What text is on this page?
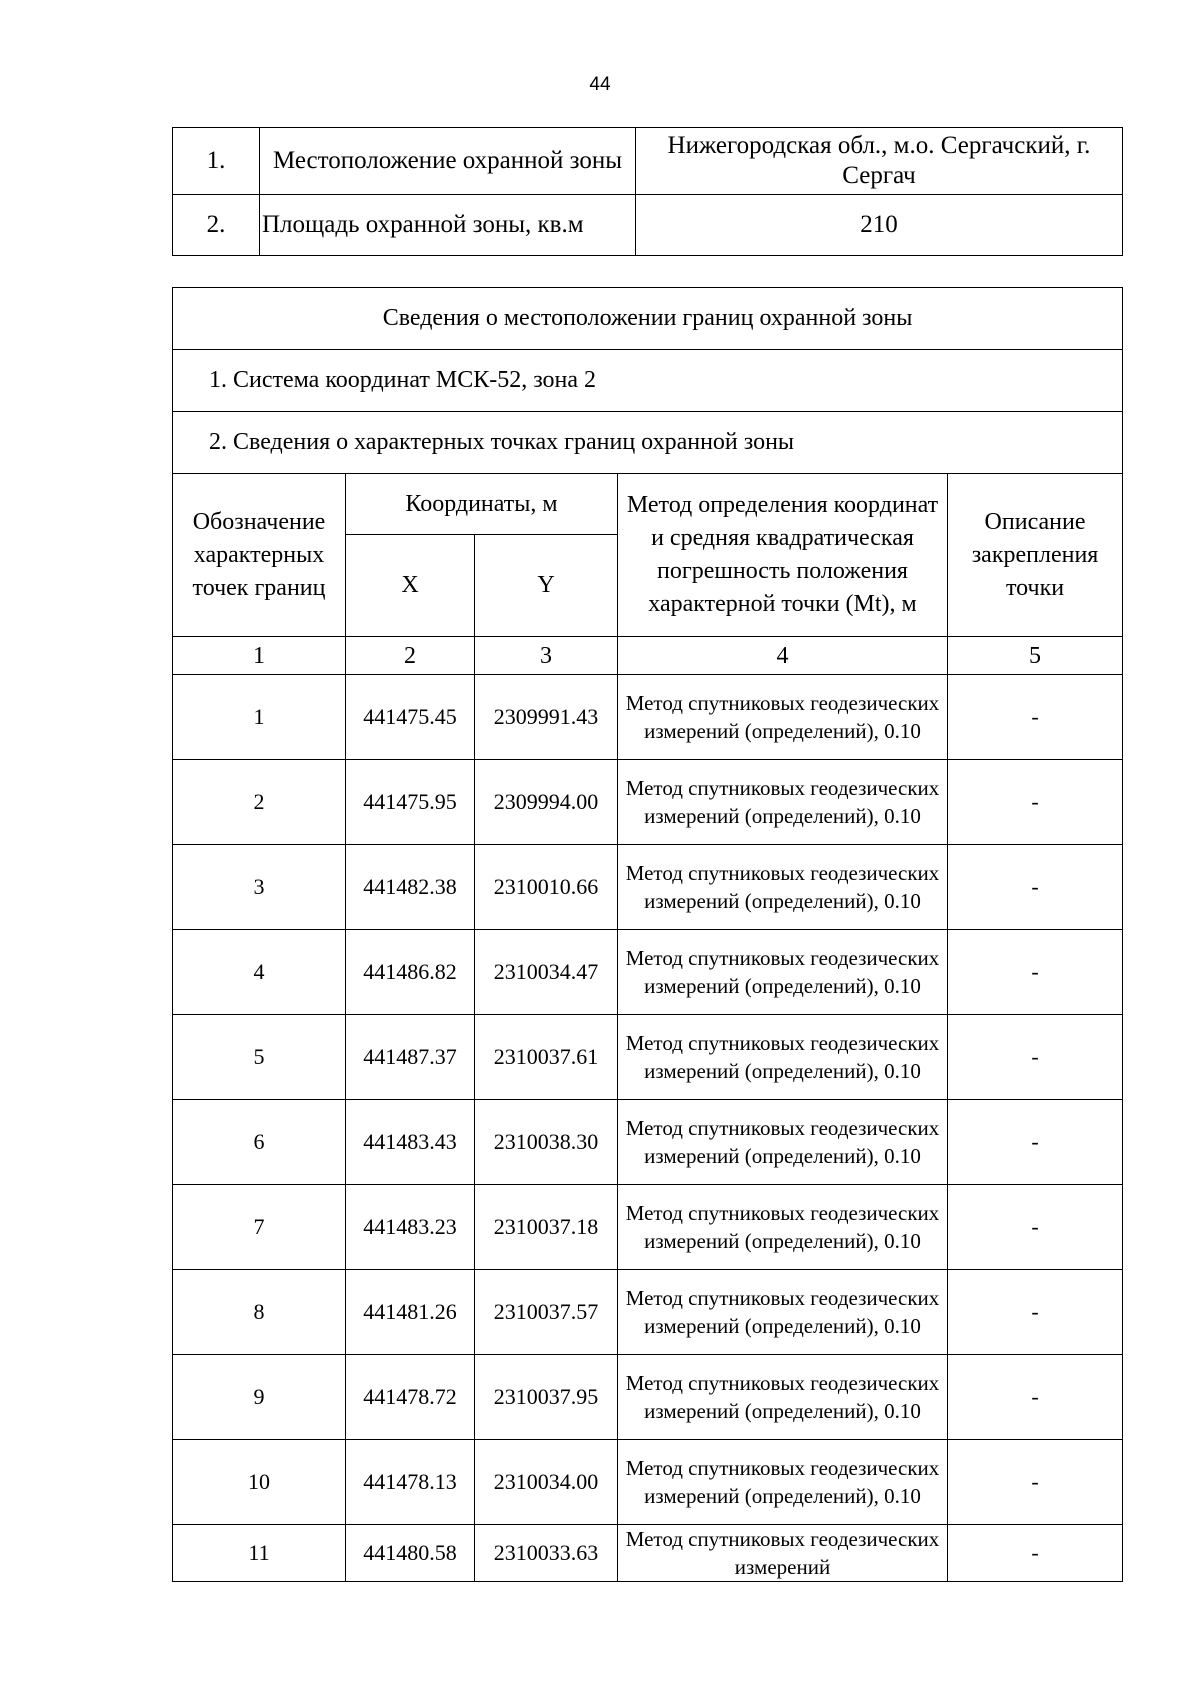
44
1.	Местоположение охранной зоны	Нижегородская обл., м.о. Сергачский, г. Сергач
2.	Площадь охранной зоны, кв.м	210
Сведения о местоположении границ охранной зоны				
1. Система координат МСК-52, зона 2				
2. Сведения о характерных точках границ охранной зоны				
Обозначение характерных точек границ	Координаты, м		Метод определения координат и средняя квадратическая погрешность положения характерной точки (Mt), м	Описание закрепления точки
	X	Y		
1	2	3	4	5
1	441475.45	2309991.43	Метод спутниковых геодезических измерений (определений), 0.10	-
2	441475.95	2309994.00	Метод спутниковых геодезических измерений (определений), 0.10	-
3	441482.38	2310010.66	Метод спутниковых геодезических измерений (определений), 0.10	-
4	441486.82	2310034.47	Метод спутниковых геодезических измерений (определений), 0.10	-
5	441487.37	2310037.61	Метод спутниковых геодезических измерений (определений), 0.10	-
6	441483.43	2310038.30	Метод спутниковых геодезических измерений (определений), 0.10	-
7	441483.23	2310037.18	Метод спутниковых геодезических измерений (определений), 0.10	-
8	441481.26	2310037.57	Метод спутниковых геодезических измерений (определений), 0.10	-
9	441478.72	2310037.95	Метод спутниковых геодезических измерений (определений), 0.10	-
10	441478.13	2310034.00	Метод спутниковых геодезических измерений (определений), 0.10	-
11	441480.58	2310033.63	Метод спутниковых геодезических измерений	-
